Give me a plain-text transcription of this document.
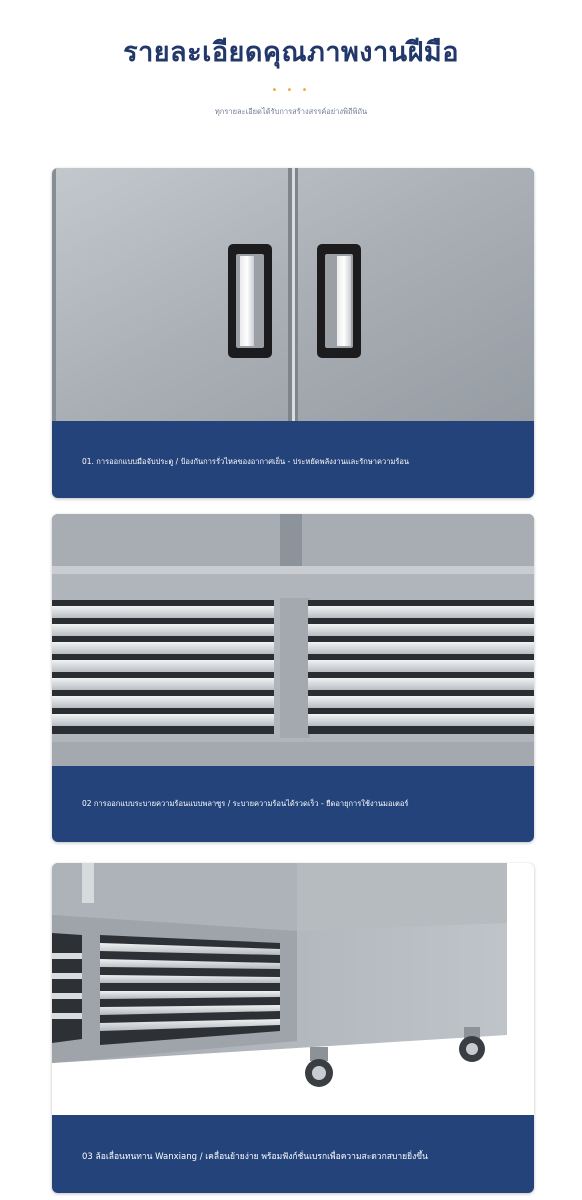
รายละเอียดคุณภาพงานฝีมือ
• • •
ทุกรายละเอียดได้รับการสร้างสรรค์อย่างพิถีพิถัน
01. การออกแบบมือจับประตู / ป้องกันการรั่วไหลของอากาศเย็น - ประหยัดพลังงานและรักษาความร้อน
02 การออกแบบระบายความร้อนแบบพลาซูร / ระบายความร้อนได้รวดเร็ว - ยืดอายุการใช้งานมอเตอร์
03 ล้อเลื่อนทนทาน Wanxiang / เคลื่อนย้ายง่าย พร้อมฟังก์ชั่นเบรกเพื่อความสะดวกสบายยิ่งขึ้น
